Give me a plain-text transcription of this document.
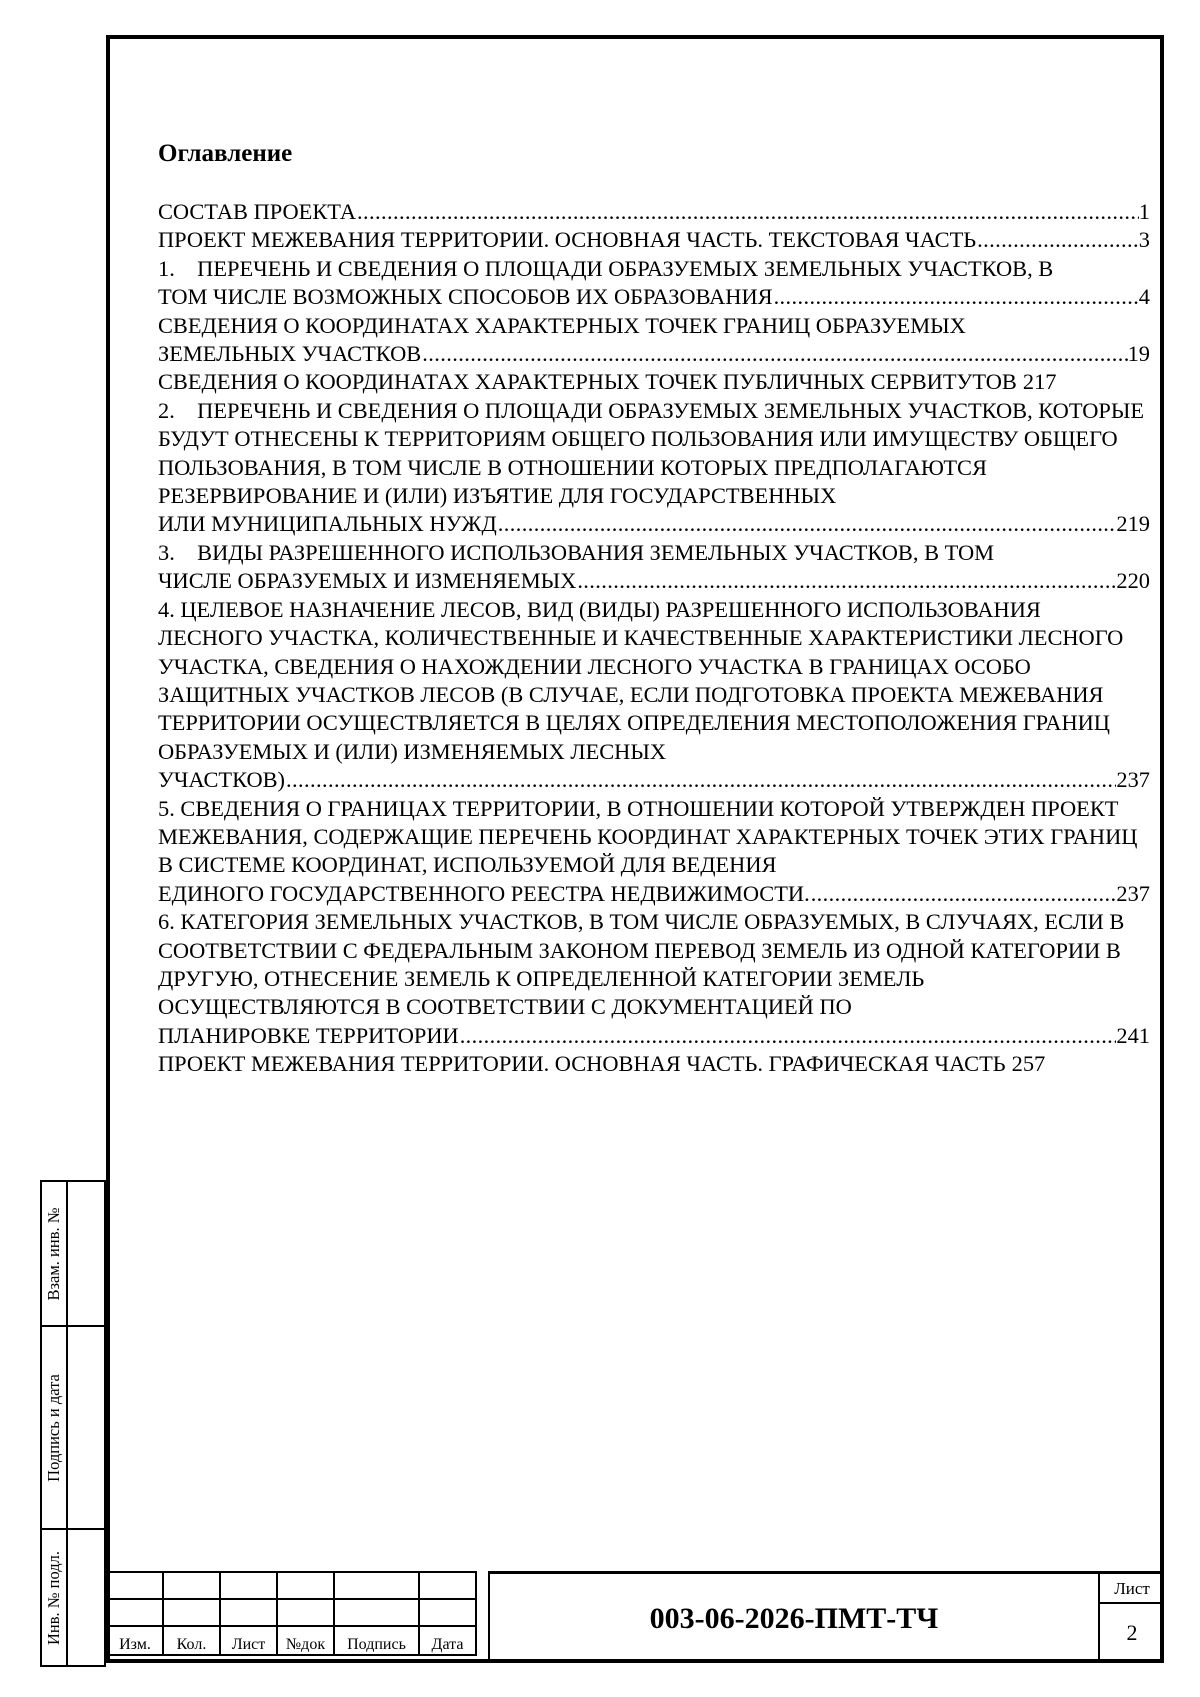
Оглавление
СОСТАВ ПРОЕКТА . . .	1
ПРОЕКТ МЕЖЕВАНИЯ ТЕРРИТОРИИ. ОСНОВНАЯ ЧАСТЬ. ТЕКСТОВАЯ ЧАСТЬ . . .	3
1.    ПЕРЕЧЕНЬ И СВЕДЕНИЯ О ПЛОЩАДИ ОБРАЗУЕМЫХ ЗЕМЕЛЬНЫХ УЧАСТКОВ, В
ТОМ ЧИСЛЕ ВОЗМОЖНЫХ СПОСОБОВ ИХ ОБРАЗОВАНИЯ . . .	4
СВЕДЕНИЯ О КООРДИНАТАХ ХАРАКТЕРНЫХ ТОЧЕК ГРАНИЦ ОБРАЗУЕМЫХ
ЗЕМЕЛЬНЫХ УЧАСТКОВ . . .	19
СВЕДЕНИЯ О КООРДИНАТАХ ХАРАКТЕРНЫХ ТОЧЕК ПУБЛИЧНЫХ СЕРВИТУТОВ 217
2.    ПЕРЕЧЕНЬ И СВЕДЕНИЯ О ПЛОЩАДИ ОБРАЗУЕМЫХ ЗЕМЕЛЬНЫХ УЧАСТКОВ, КОТОРЫЕ БУДУТ ОТНЕСЕНЫ К ТЕРРИТОРИЯМ ОБЩЕГО ПОЛЬЗОВАНИЯ ИЛИ ИМУЩЕСТВУ ОБЩЕГО ПОЛЬЗОВАНИЯ, В ТОМ ЧИСЛЕ В ОТНОШЕНИИ КОТОРЫХ ПРЕДПОЛАГАЮТСЯ РЕЗЕРВИРОВАНИЕ И (ИЛИ) ИЗЪЯТИЕ ДЛЯ ГОСУДАРСТВЕННЫХ
ИЛИ МУНИЦИПАЛЬНЫХ НУЖД . . .	219
3.    ВИДЫ РАЗРЕШЕННОГО ИСПОЛЬЗОВАНИЯ ЗЕМЕЛЬНЫХ УЧАСТКОВ, В ТОМ
ЧИСЛЕ ОБРАЗУЕМЫХ И ИЗМЕНЯЕМЫХ . . .	220
4. ЦЕЛЕВОЕ НАЗНАЧЕНИЕ ЛЕСОВ, ВИД (ВИДЫ) РАЗРЕШЕННОГО ИСПОЛЬЗОВАНИЯ ЛЕСНОГО УЧАСТКА, КОЛИЧЕСТВЕННЫЕ И КАЧЕСТВЕННЫЕ ХАРАКТЕРИСТИКИ ЛЕСНОГО УЧАСТКА, СВЕДЕНИЯ О НАХОЖДЕНИИ ЛЕСНОГО УЧАСТКА В ГРАНИЦАХ ОСОБО ЗАЩИТНЫХ УЧАСТКОВ ЛЕСОВ (В СЛУЧАЕ, ЕСЛИ ПОДГОТОВКА ПРОЕКТА МЕЖЕВАНИЯ ТЕРРИТОРИИ ОСУЩЕСТВЛЯЕТСЯ В ЦЕЛЯХ ОПРЕДЕЛЕНИЯ МЕСТОПОЛОЖЕНИЯ ГРАНИЦ ОБРАЗУЕМЫХ И (ИЛИ) ИЗМЕНЯЕМЫХ ЛЕСНЫХ
УЧАСТКОВ) . . .	237
5. СВЕДЕНИЯ О ГРАНИЦАХ ТЕРРИТОРИИ, В ОТНОШЕНИИ КОТОРОЙ УТВЕРЖДЕН ПРОЕКТ МЕЖЕВАНИЯ, СОДЕРЖАЩИЕ ПЕРЕЧЕНЬ КООРДИНАТ ХАРАКТЕРНЫХ ТОЧЕК ЭТИХ ГРАНИЦ В СИСТЕМЕ КООРДИНАТ, ИСПОЛЬЗУЕМОЙ ДЛЯ ВЕДЕНИЯ
ЕДИНОГО ГОСУДАРСТВЕННОГО РЕЕСТРА НЕДВИЖИМОСТИ. . . .	237
6. КАТЕГОРИЯ ЗЕМЕЛЬНЫХ УЧАСТКОВ, В ТОМ ЧИСЛЕ ОБРАЗУЕМЫХ, В СЛУЧАЯХ, ЕСЛИ В СООТВЕТСТВИИ С ФЕДЕРАЛЬНЫМ ЗАКОНОМ ПЕРЕВОД ЗЕМЕЛЬ ИЗ ОДНОЙ КАТЕГОРИИ В ДРУГУЮ, ОТНЕСЕНИЕ ЗЕМЕЛЬ К ОПРЕДЕЛЕННОЙ КАТЕГОРИИ ЗЕМЕЛЬ ОСУЩЕСТВЛЯЮТСЯ В СООТВЕТСТВИИ С ДОКУМЕНТАЦИЕЙ ПО
ПЛАНИРОВКЕ ТЕРРИТОРИИ . . .	241
ПРОЕКТ МЕЖЕВАНИЯ ТЕРРИТОРИИ. ОСНОВНАЯ ЧАСТЬ. ГРАФИЧЕСКАЯ ЧАСТЬ 257
Взам. инв. №	

Подпись и дата	

Инв. № подл.	

						Изм.	Кол.	Лист	№док	Подпись	Дата
003-06-2026-ПМТ-ТЧ
Лист
2
